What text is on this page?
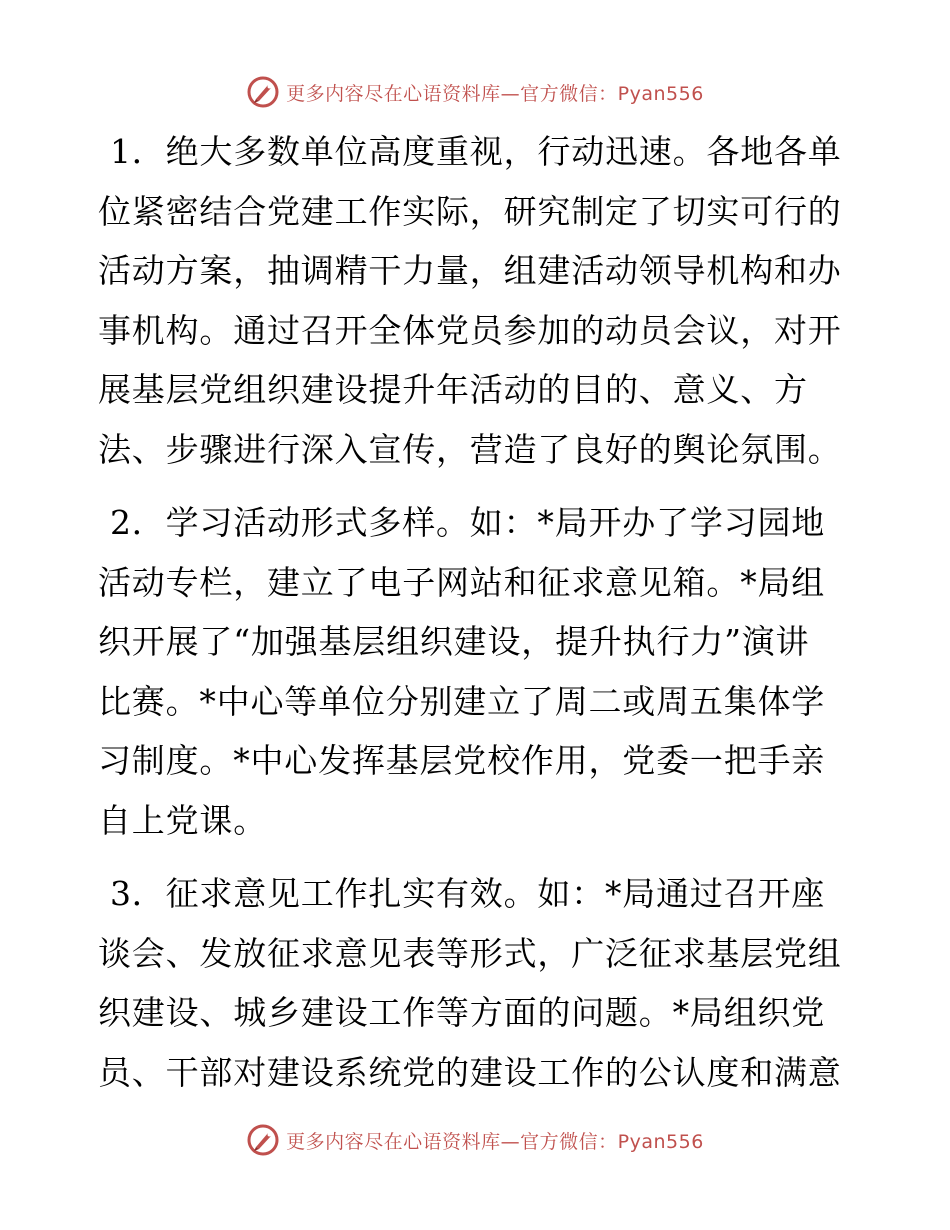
更多内容尽在心语资料库—官方微信：Pyan556
1．绝大多数单位高度重视，行动迅速。各地各单
位紧密结合党建工作实际，研究制定了切实可行的
活动方案，抽调精干力量，组建活动领导机构和办
事机构。通过召开全体党员参加的动员会议，对开
展基层党组织建设提升年活动的目的、意义、方
法、步骤进行深入宣传，营造了良好的舆论氛围。
2．学习活动形式多样。如：*局开办了学习园地
活动专栏，建立了电子网站和征求意见箱。*局组
织开展了“加强基层组织建设，提升执行力”演讲
比赛。*中心等单位分别建立了周二或周五集体学
习制度。*中心发挥基层党校作用，党委一把手亲
自上党课。
3．征求意见工作扎实有效。如：*局通过召开座
谈会、发放征求意见表等形式，广泛征求基层党组
织建设、城乡建设工作等方面的问题。*局组织党
员、干部对建设系统党的建设工作的公认度和满意
更多内容尽在心语资料库—官方微信：Pyan556
